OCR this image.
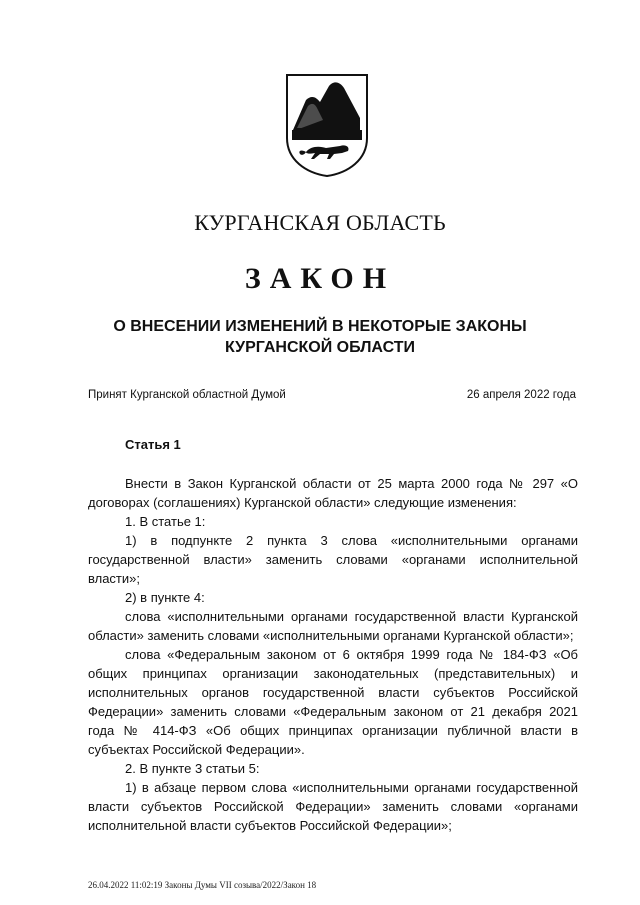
КУРГАНСКАЯ ОБЛАСТЬ
ЗАКОН
О ВНЕСЕНИИ ИЗМЕНЕНИЙ В НЕКОТОРЫЕ ЗАКОНЫ
КУРГАНСКОЙ ОБЛАСТИ
Принят Курганской областной Думой	26 апреля 2022 года
Статья 1

Внести в Закон Курганской области от 25 марта 2000 года № 297 «О договорах (соглашениях) Курганской области» следующие изменения:

1. В статье 1:

1) в подпункте 2 пункта 3 слова «исполнительными органами государственной власти» заменить словами «органами исполнительной власти»;

2) в пункте 4:

слова «исполнительными органами государственной власти Курганской области» заменить словами «исполнительными органами Курганской области»;

слова «Федеральным законом от 6 октября 1999 года № 184-ФЗ «Об общих принципах организации законодательных (представительных) и исполнительных органов государственной власти субъектов Российской Федерации» заменить словами «Федеральным законом от 21 декабря 2021 года № 414-ФЗ «Об общих принципах организации публичной власти в субъектах Российской Федерации».

2. В пункте 3 статьи 5:

1) в абзаце первом слова «исполнительными органами государственной власти субъектов Российской Федерации» заменить словами «органами исполнительной власти субъектов Российской Федерации»;

26.04.2022 11:02:19 Законы Думы VII созыва/2022/Закон 18
